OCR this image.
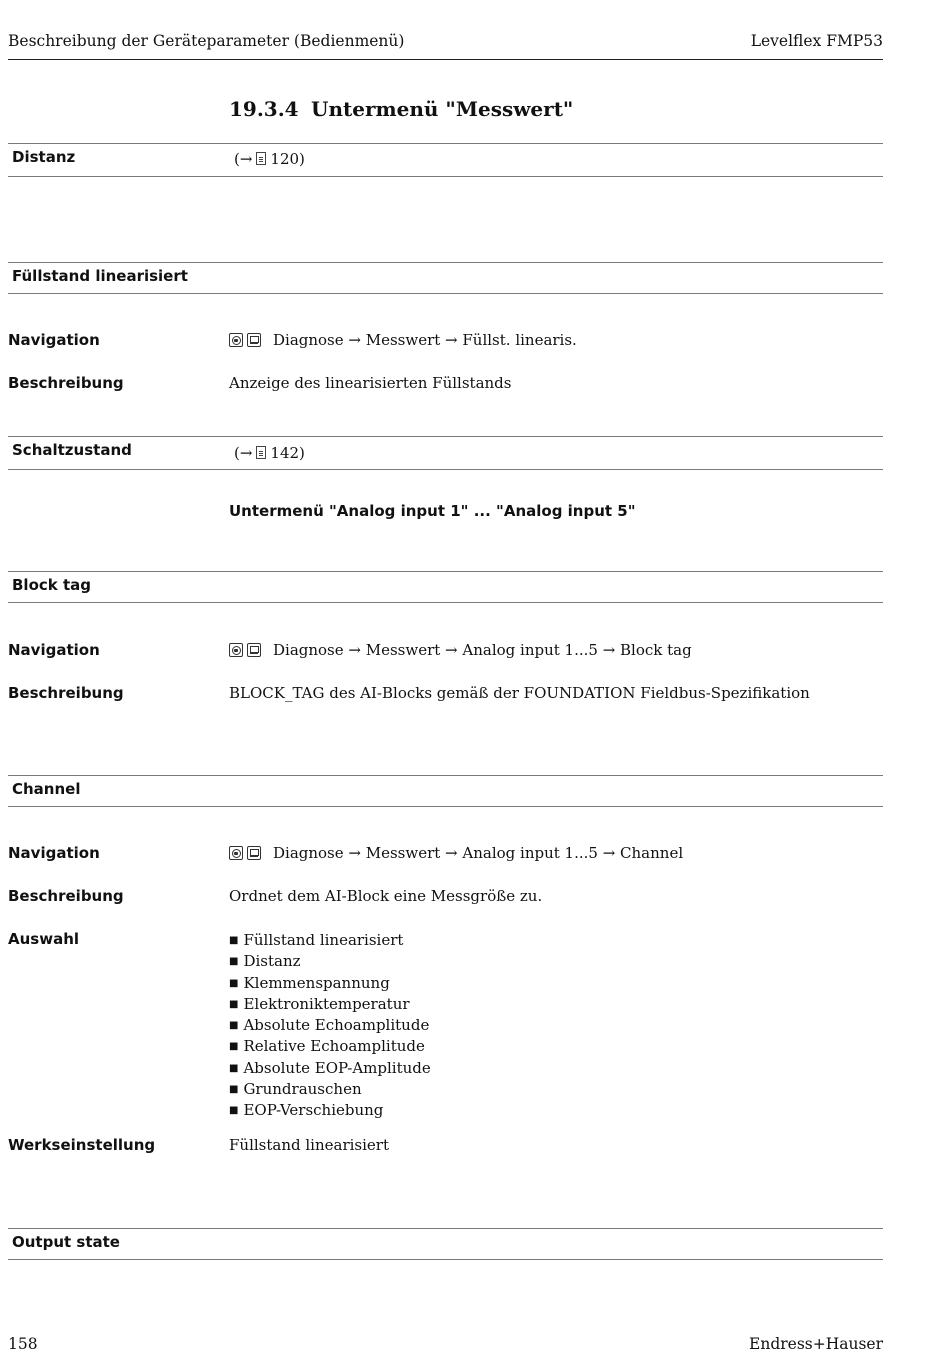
Beschreibung der Geräteparameter (Bedienmenü)	Levelflex FMP53
19.3.4 Untermenü "Messwert"
Distanz	(→ 120)
Füllstand linearisiert
Navigation	Diagnose → Messwert → Füllst. linearis.
Beschreibung	Anzeige des linearisierten Füllstands
Schaltzustand	(→ 142)
Untermenü "Analog input 1" ... "Analog input 5"
Block tag
Navigation	Diagnose → Messwert → Analog input 1...5 → Block tag
Beschreibung	BLOCK_TAG des AI-Blocks gemäß der FOUNDATION Fieldbus-Spezifikation
Channel
Navigation	Diagnose → Messwert → Analog input 1...5 → Channel
Beschreibung	Ordnet dem AI-Block eine Messgröße zu.
Auswahl
■	Füllstand linearisiert
■ Distanz
■ Klemmenspannung
■ Elektroniktemperatur
■ Absolute Echoamplitude
■ Relative Echoamplitude
■ Absolute EOP-Amplitude
■ Grundrauschen
■ EOP-Verschiebung
Werkseinstellung	Füllstand linearisiert
Output state
158	Endress+Hauser
